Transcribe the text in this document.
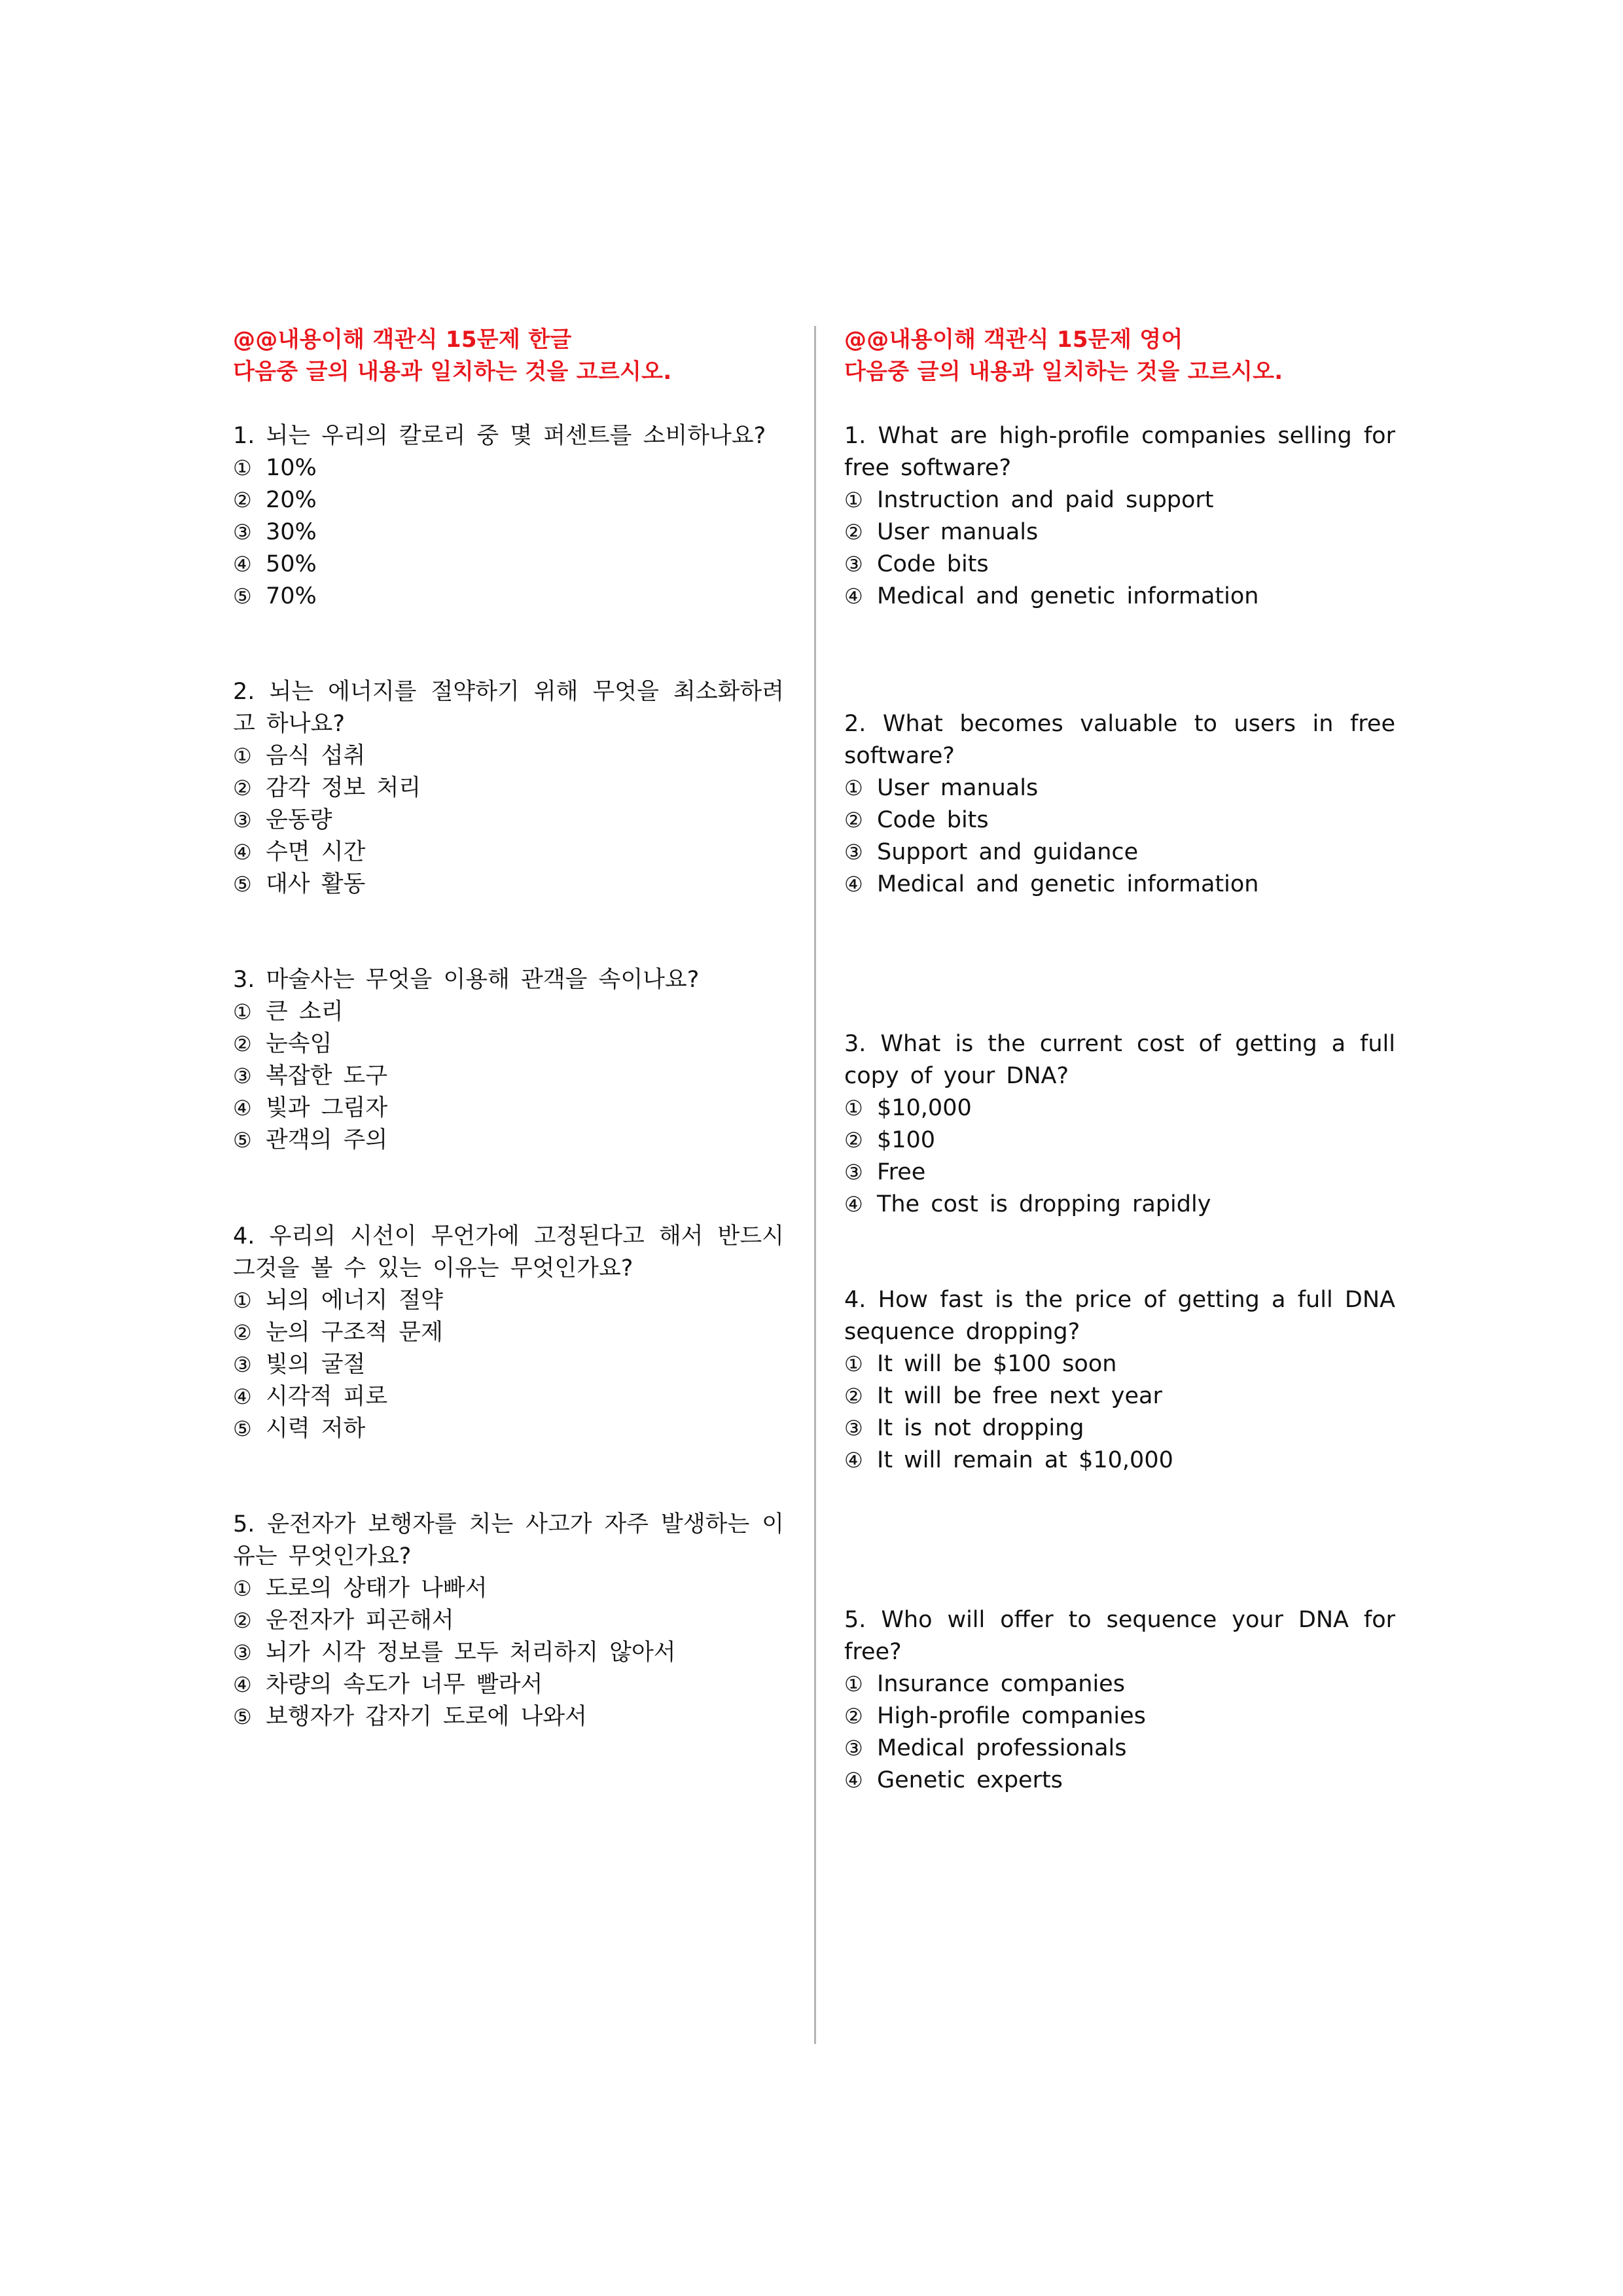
@@내용이해 객관식 15문제 한글
다음중 글의 내용과 일치하는 것을 고르시오.
1. 뇌는 우리의 칼로리 중 몇 퍼센트를 소비하나요?
① 10%
② 20%
③ 30%
④ 50%
⑤ 70%
2. 뇌는 에너지를 절약하기 위해 무엇을 최소화하려고 하나요?
① 음식 섭취
② 감각 정보 처리
③ 운동량
④ 수면 시간
⑤ 대사 활동
3. 마술사는 무엇을 이용해 관객을 속이나요?
① 큰 소리
② 눈속임
③ 복잡한 도구
④ 빛과 그림자
⑤ 관객의 주의
4. 우리의 시선이 무언가에 고정된다고 해서 반드시 그것을 볼 수 있는 이유는 무엇인가요?
① 뇌의 에너지 절약
② 눈의 구조적 문제
③ 빛의 굴절
④ 시각적 피로
⑤ 시력 저하
5. 운전자가 보행자를 치는 사고가 자주 발생하는 이유는 무엇인가요?
① 도로의 상태가 나빠서
② 운전자가 피곤해서
③ 뇌가 시각 정보를 모두 처리하지 않아서
④ 차량의 속도가 너무 빨라서
⑤ 보행자가 갑자기 도로에 나와서
@@내용이해 객관식 15문제 영어
다음중 글의 내용과 일치하는 것을 고르시오.
1. What are high-profile companies selling for free software?
① Instruction and paid support
② User manuals
③ Code bits
④ Medical and genetic information
2. What becomes valuable to users in free software?
① User manuals
② Code bits
③ Support and guidance
④ Medical and genetic information
3. What is the current cost of getting a full copy of your DNA?
① $10,000
② $100
③ Free
④ The cost is dropping rapidly
4. How fast is the price of getting a full DNA sequence dropping?
① It will be $100 soon
② It will be free next year
③ It is not dropping
④ It will remain at $10,000
5. Who will offer to sequence your DNA for free?
① Insurance companies
② High-profile companies
③ Medical professionals
④ Genetic experts
